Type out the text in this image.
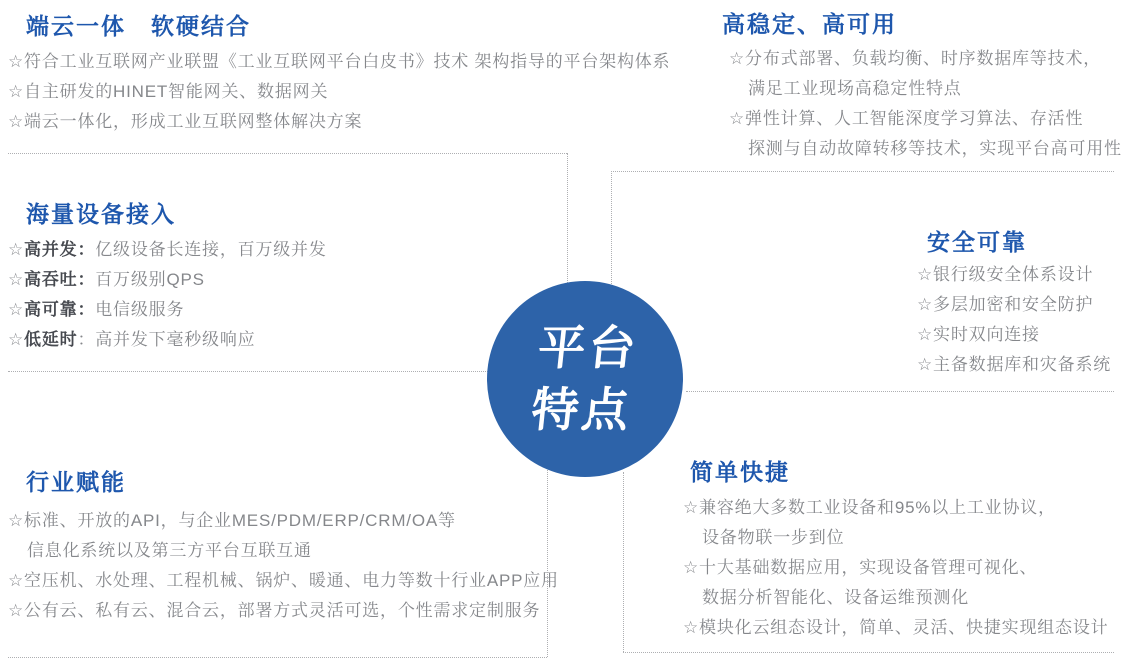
端云一体　软硬结合
☆符合工业互联网产业联盟《工业互联网平台白皮书》技术 架构指导的平台架构体系
☆自主研发的HINET智能网关、数据网关
☆端云一体化，形成工业互联网整体解决方案
高稳定、高可用
☆分布式部署、负载均衡、时序数据库等技术，
满足工业现场高稳定性特点
☆弹性计算、人工智能深度学习算法、存活性
探测与自动故障转移等技术，实现平台高可用性
海量设备接入
☆高并发：亿级设备长连接，百万级并发
☆高吞吐：百万级别QPS
☆高可靠：电信级服务
☆低延时：高并发下毫秒级响应
安全可靠
☆银行级安全体系设计
☆多层加密和安全防护
☆实时双向连接
☆主备数据库和灾备系统
行业赋能
☆标准、开放的API，与企业MES/PDM/ERP/CRM/OA等
信息化系统以及第三方平台互联互通
☆空压机、水处理、工程机械、锅炉、暖通、电力等数十行业APP应用
☆公有云、私有云、混合云，部署方式灵活可选，个性需求定制服务
简单快捷
☆兼容绝大多数工业设备和95%以上工业协议，
设备物联一步到位
☆十大基础数据应用，实现设备管理可视化、
数据分析智能化、设备运维预测化
☆模块化云组态设计，简单、灵活、快捷实现组态设计
平台
特点
